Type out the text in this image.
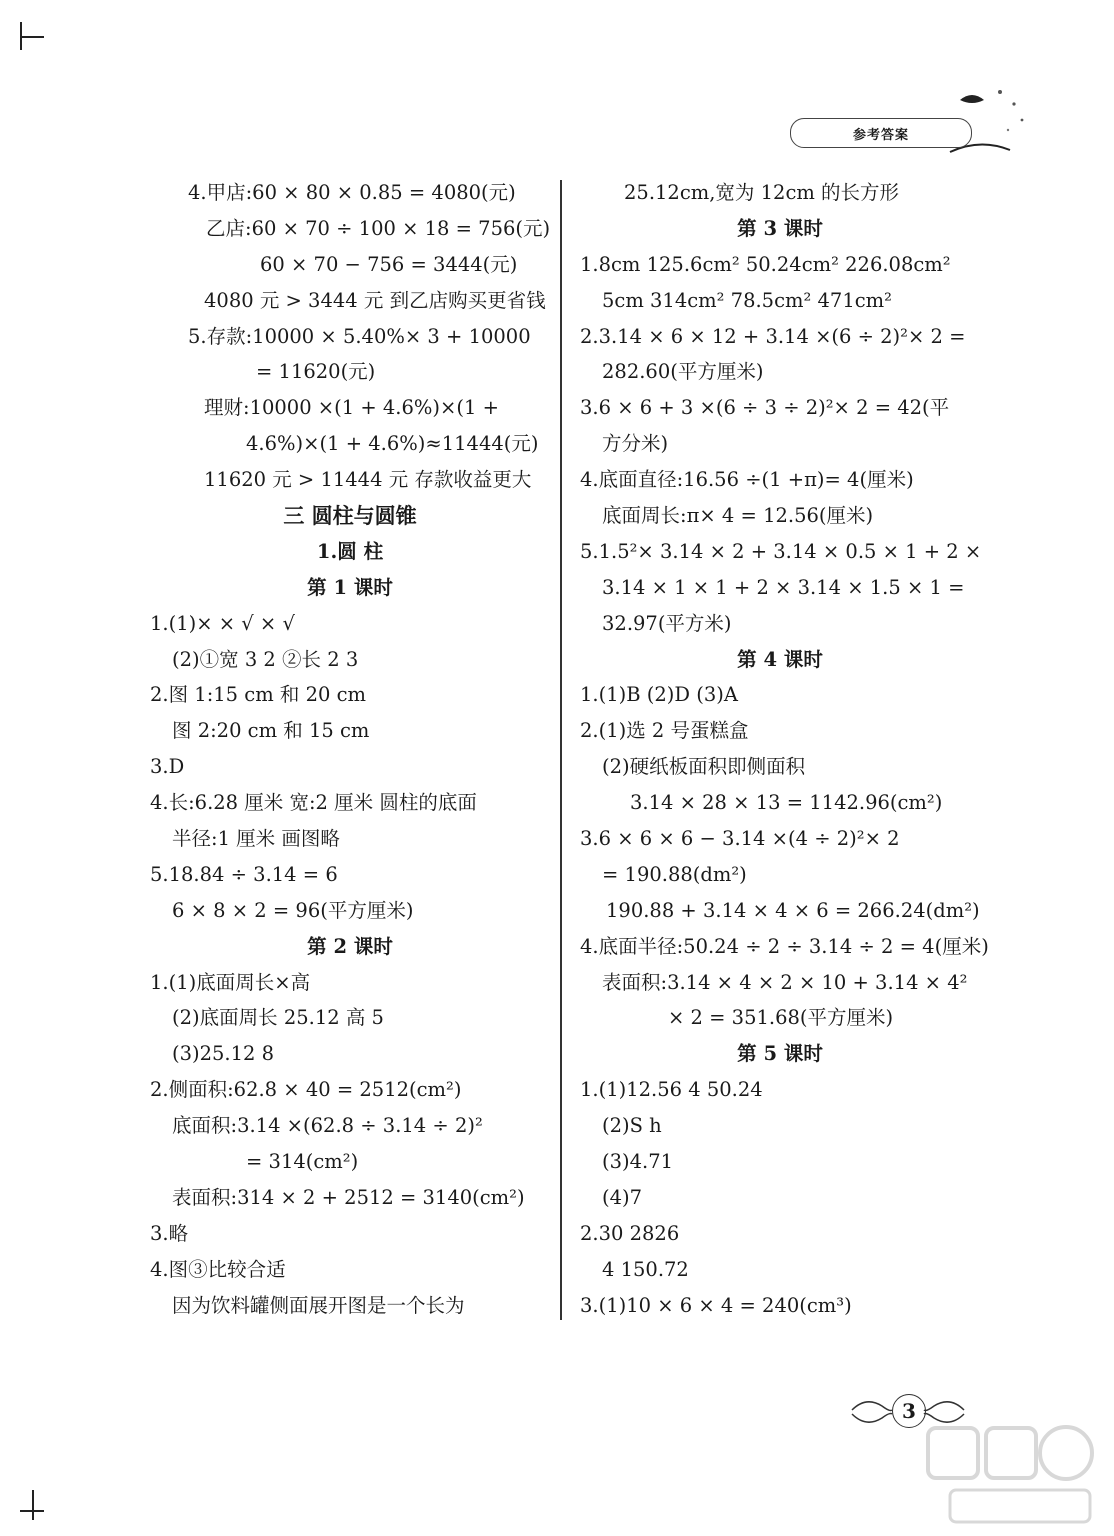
参考答案
4.甲店:60 × 80 × 0.85 = 4080(元)
乙店:60 × 70 ÷ 100 × 18 = 756(元)
60 × 70 − 756 = 3444(元)
4080 元 > 3444 元 到乙店购买更省钱
5.存款:10000 × 5.40%× 3 + 10000
= 11620(元)
理财:10000 ×(1 + 4.6%)×(1 +
4.6%)×(1 + 4.6%)≈11444(元)
11620 元 > 11444 元 存款收益更大
三 圆柱与圆锥
1.圆 柱
第 1 课时
1.(1)× × √ × √
(2)①宽 3 2 ②长 2 3
2.图 1:15 cm 和 20 cm
图 2:20 cm 和 15 cm
3.D
4.长:6.28 厘米 宽:2 厘米 圆柱的底面
半径:1 厘米 画图略
5.18.84 ÷ 3.14 = 6
6 × 8 × 2 = 96(平方厘米)
第 2 课时
1.(1)底面周长×高
(2)底面周长 25.12 高 5
(3)25.12 8
2.侧面积:62.8 × 40 = 2512(cm²)
底面积:3.14 ×(62.8 ÷ 3.14 ÷ 2)²
= 314(cm²)
表面积:314 × 2 + 2512 = 3140(cm²)
3.略
4.图③比较合适
因为饮料罐侧面展开图是一个长为
25.12cm,宽为 12cm 的长方形
第 3 课时
1.8cm 125.6cm² 50.24cm² 226.08cm²
5cm 314cm² 78.5cm² 471cm²
2.3.14 × 6 × 12 + 3.14 ×(6 ÷ 2)²× 2 =
282.60(平方厘米)
3.6 × 6 + 3 ×(6 ÷ 3 ÷ 2)²× 2 = 42(平
方分米)
4.底面直径:16.56 ÷(1 +π)= 4(厘米)
底面周长:π× 4 = 12.56(厘米)
5.1.5²× 3.14 × 2 + 3.14 × 0.5 × 1 + 2 ×
3.14 × 1 × 1 + 2 × 3.14 × 1.5 × 1 =
32.97(平方米)
第 4 课时
1.(1)B (2)D (3)A
2.(1)选 2 号蛋糕盒
(2)硬纸板面积即侧面积
3.14 × 28 × 13 = 1142.96(cm²)
3.6 × 6 × 6 − 3.14 ×(4 ÷ 2)²× 2
= 190.88(dm²)
190.88 + 3.14 × 4 × 6 = 266.24(dm²)
4.底面半径:50.24 ÷ 2 ÷ 3.14 ÷ 2 = 4(厘米)
表面积:3.14 × 4 × 2 × 10 + 3.14 × 4²
× 2 = 351.68(平方厘米)
第 5 课时
1.(1)12.56 4 50.24
(2)S h
(3)4.71
(4)7
2.30 2826
4 150.72
3.(1)10 × 6 × 4 = 240(cm³)
3
